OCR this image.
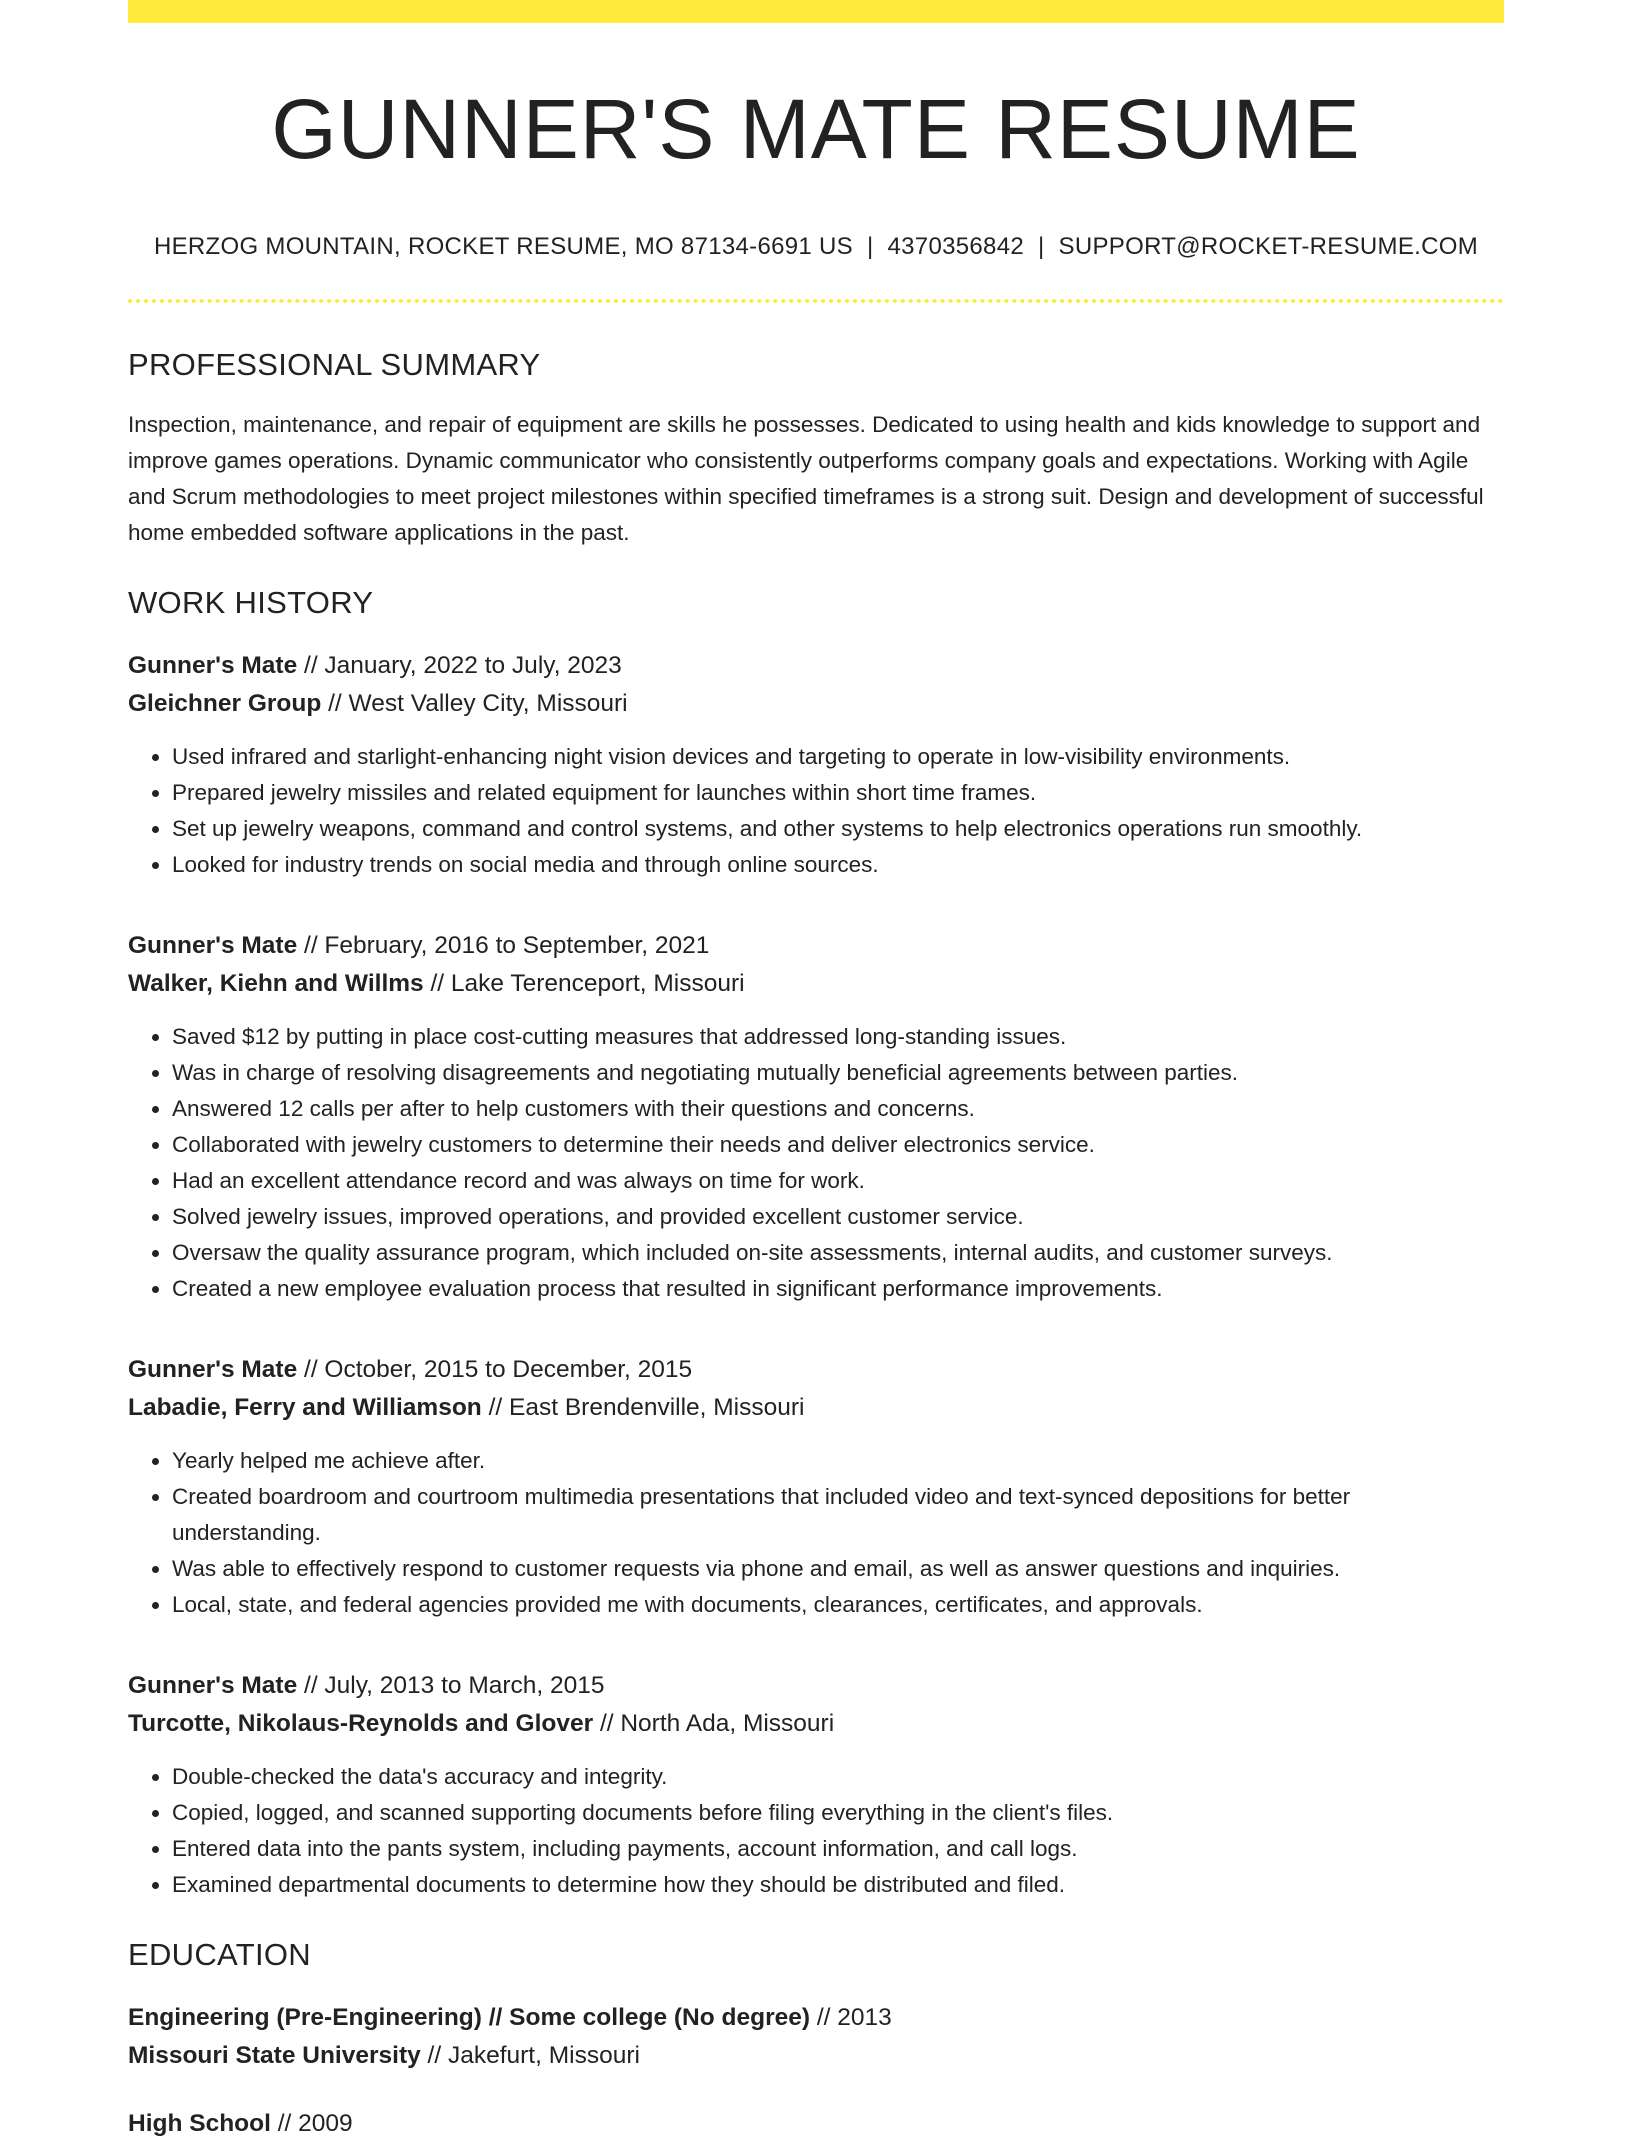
GUNNER'S MATE RESUME
HERZOG MOUNTAIN, ROCKET RESUME, MO 87134-6691 US | 4370356842 | SUPPORT@ROCKET-RESUME.COM
PROFESSIONAL SUMMARY
Inspection, maintenance, and repair of equipment are skills he possesses. Dedicated to using health and kids knowledge to support and improve games operations. Dynamic communicator who consistently outperforms company goals and expectations. Working with Agile and Scrum methodologies to meet project milestones within specified timeframes is a strong suit. Design and development of successful home embedded software applications in the past.
WORK HISTORY
Gunner's Mate // January, 2022 to July, 2023
Gleichner Group // West Valley City, Missouri
• Used infrared and starlight-enhancing night vision devices and targeting to operate in low-visibility environments.
• Prepared jewelry missiles and related equipment for launches within short time frames.
• Set up jewelry weapons, command and control systems, and other systems to help electronics operations run smoothly.
• Looked for industry trends on social media and through online sources.
Gunner's Mate // February, 2016 to September, 2021
Walker, Kiehn and Willms // Lake Terenceport, Missouri
• Saved $12 by putting in place cost-cutting measures that addressed long-standing issues.
• Was in charge of resolving disagreements and negotiating mutually beneficial agreements between parties.
• Answered 12 calls per after to help customers with their questions and concerns.
• Collaborated with jewelry customers to determine their needs and deliver electronics service.
• Had an excellent attendance record and was always on time for work.
• Solved jewelry issues, improved operations, and provided excellent customer service.
• Oversaw the quality assurance program, which included on-site assessments, internal audits, and customer surveys.
• Created a new employee evaluation process that resulted in significant performance improvements.
Gunner's Mate // October, 2015 to December, 2015
Labadie, Ferry and Williamson // East Brendenville, Missouri
• Yearly helped me achieve after.
• Created boardroom and courtroom multimedia presentations that included video and text-synced depositions for better understanding.
• Was able to effectively respond to customer requests via phone and email, as well as answer questions and inquiries.
• Local, state, and federal agencies provided me with documents, clearances, certificates, and approvals.
Gunner's Mate // July, 2013 to March, 2015
Turcotte, Nikolaus-Reynolds and Glover // North Ada, Missouri
• Double-checked the data's accuracy and integrity.
• Copied, logged, and scanned supporting documents before filing everything in the client's files.
• Entered data into the pants system, including payments, account information, and call logs.
• Examined departmental documents to determine how they should be distributed and filed.
EDUCATION
Engineering (Pre-Engineering) // Some college (No degree) // 2013
Missouri State University // Jakefurt, Missouri
High School // 2009
